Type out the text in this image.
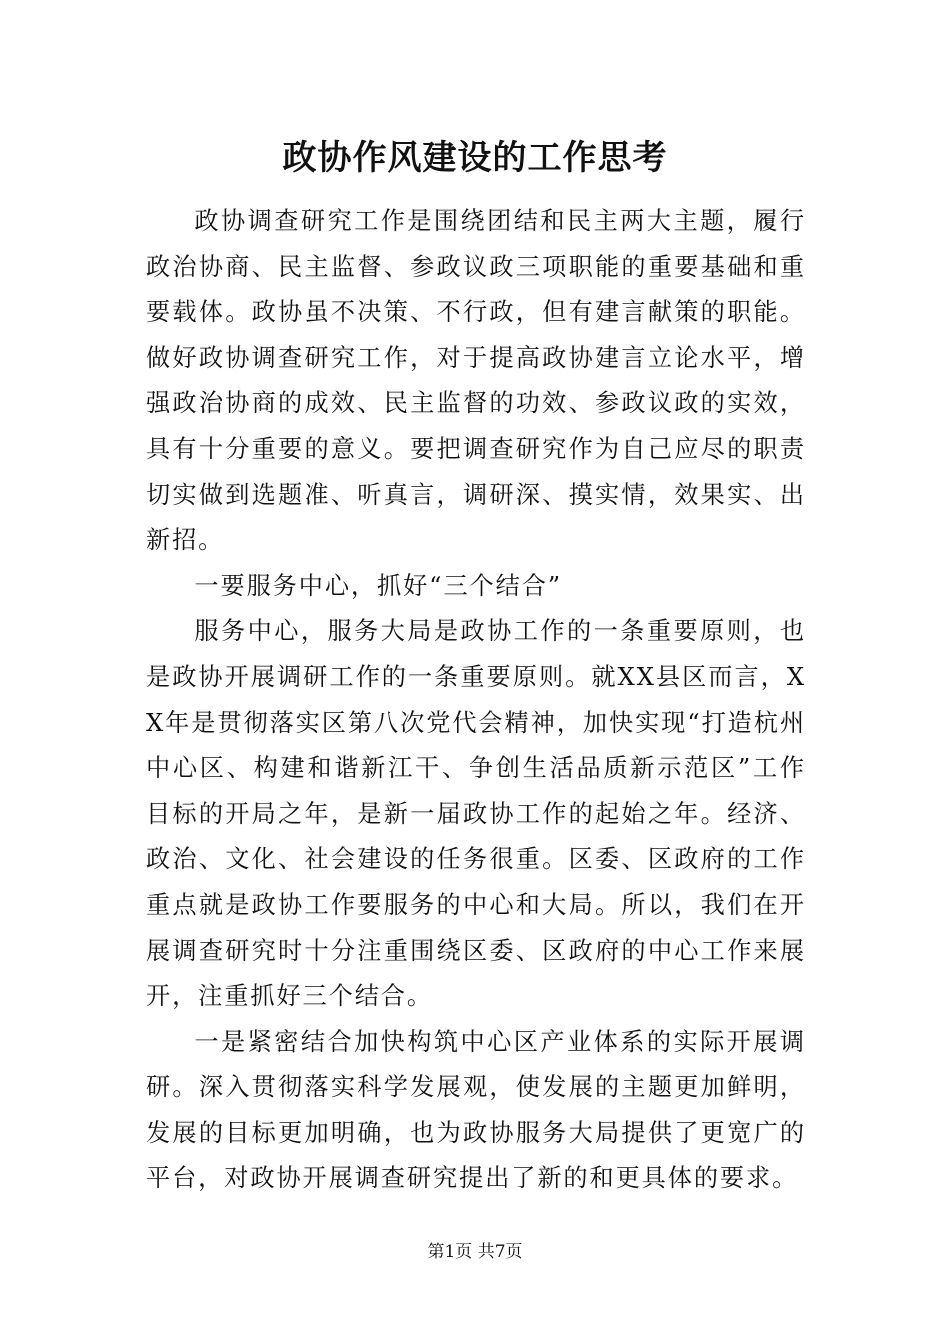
政协作风建设的工作思考

政协调查研究工作是围绕团结和民主两大主题，履行政治协商、民主监督、参政议政三项职能的重要基础和重要载体。政协虽不决策、不行政，但有建言献策的职能。做好政协调查研究工作，对于提高政协建言立论水平，增强政治协商的成效、民主监督的功效、参政议政的实效，具有十分重要的意义。要把调查研究作为自己应尽的职责切实做到选题准、听真言，调研深、摸实情，效果实、出新招。

一要服务中心，抓好“三个结合”

服务中心，服务大局是政协工作的一条重要原则，也是政协开展调研工作的一条重要原则。就XX县区而言，XX年是贯彻落实区第八次党代会精神，加快实现“打造杭州中心区、构建和谐新江干、争创生活品质新示范区”工作目标的开局之年，是新一届政协工作的起始之年。经济、政治、文化、社会建设的任务很重。区委、区政府的工作重点就是政协工作要服务的中心和大局。所以，我们在开展调查研究时十分注重围绕区委、区政府的中心工作来展开，注重抓好三个结合。

一是紧密结合加快构筑中心区产业体系的实际开展调研。深入贯彻落实科学发展观，使发展的主题更加鲜明，发展的目标更加明确，也为政协服务大局提供了更宽广的平台，对政协开展调查研究提出了新的和更具体的要求。

第1页 共7页
